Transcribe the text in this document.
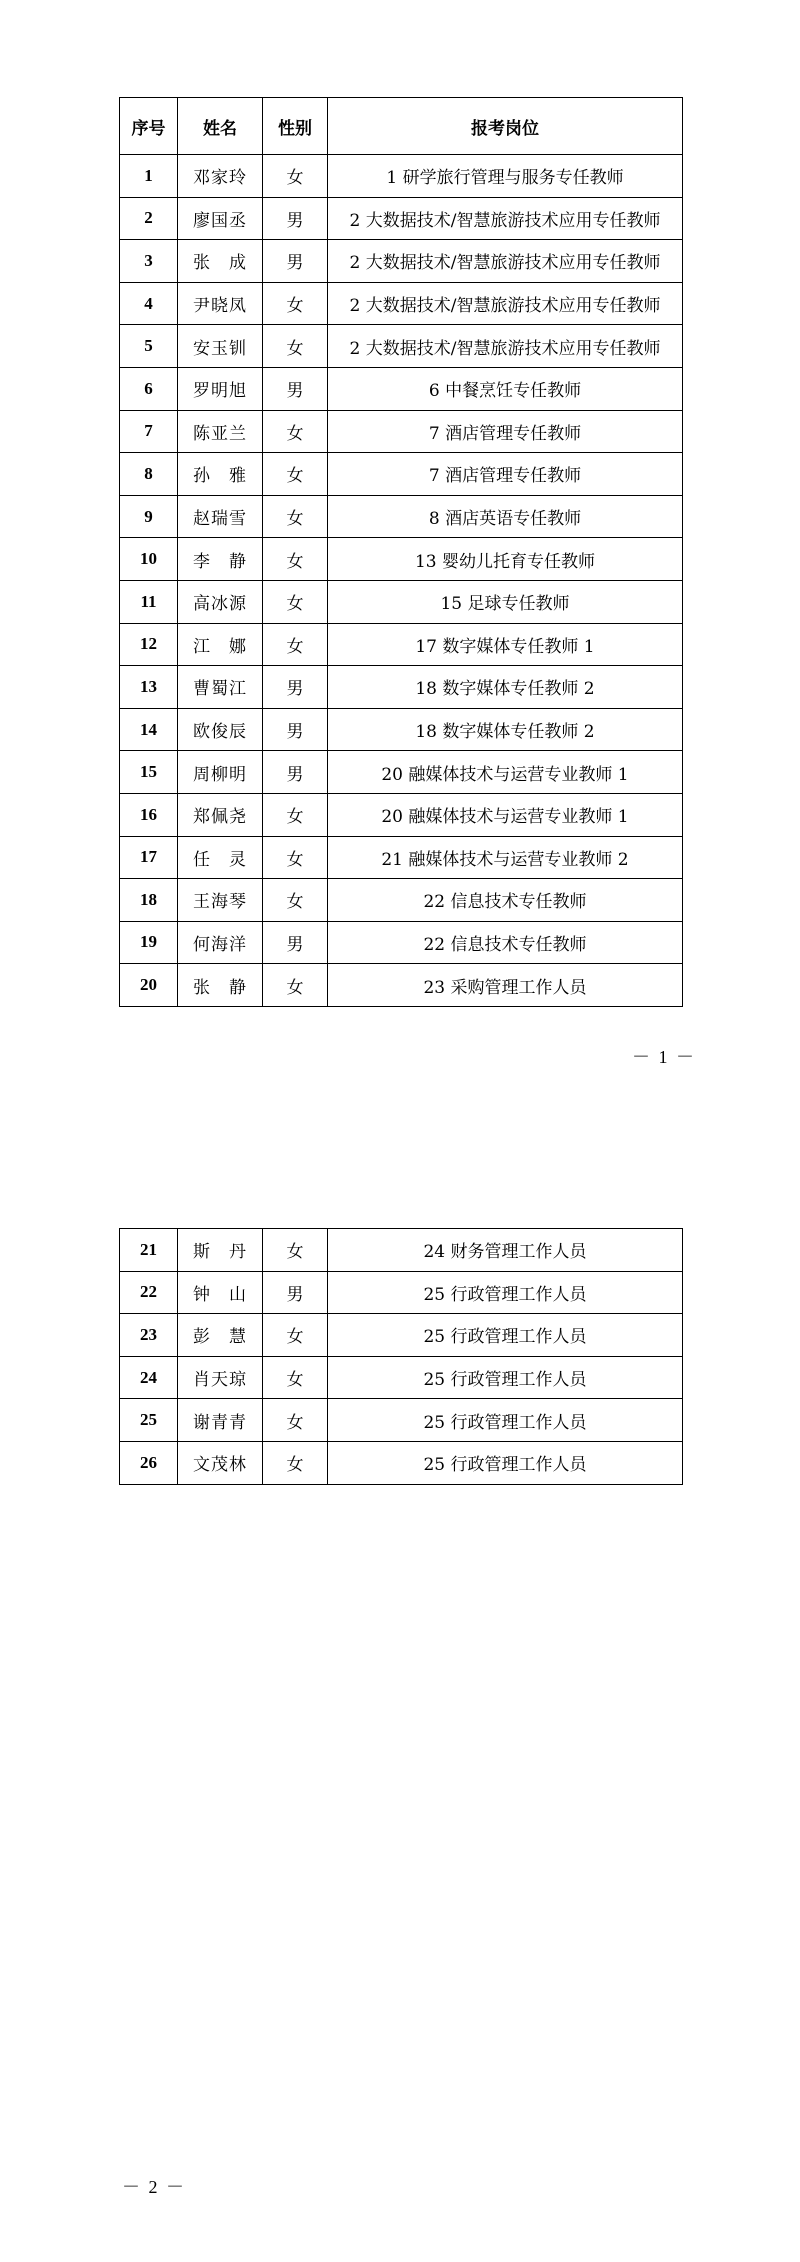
序号	姓名	性别	报考岗位
1	邓家玲	女	1 研学旅行管理与服务专任教师
2	廖国丞	男	2 大数据技术/智慧旅游技术应用专任教师
3	张　成	男	2 大数据技术/智慧旅游技术应用专任教师
4	尹晓凤	女	2 大数据技术/智慧旅游技术应用专任教师
5	安玉钏	女	2 大数据技术/智慧旅游技术应用专任教师
6	罗明旭	男	6 中餐烹饪专任教师
7	陈亚兰	女	7 酒店管理专任教师
8	孙　雅	女	7 酒店管理专任教师
9	赵瑞雪	女	8 酒店英语专任教师
10	李　静	女	13 婴幼儿托育专任教师
11	高冰源	女	15 足球专任教师
12	江　娜	女	17 数字媒体专任教师 1
13	曹蜀江	男	18 数字媒体专任教师 2
14	欧俊辰	男	18 数字媒体专任教师 2
15	周柳明	男	20 融媒体技术与运营专业教师 1
16	郑佩尧	女	20 融媒体技术与运营专业教师 1
17	任　灵	女	21 融媒体技术与运营专业教师 2
18	王海琴	女	22 信息技术专任教师
19	何海洋	男	22 信息技术专任教师
20	张　静	女	23 采购管理工作人员
－ 1 －
21	斯　丹	女	24 财务管理工作人员
22	钟　山	男	25 行政管理工作人员
23	彭　慧	女	25 行政管理工作人员
24	肖天琼	女	25 行政管理工作人员
25	谢青青	女	25 行政管理工作人员
26	文茂林	女	25 行政管理工作人员
－ 2 －
